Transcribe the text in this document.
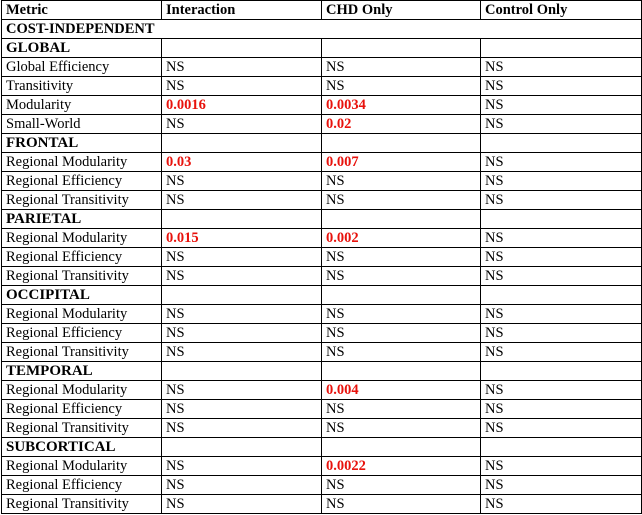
Metric	Interaction	CHD Only	Control Only
COST-INDEPENDENT			
GLOBAL			
Global Efficiency	NS	NS	NS
Transitivity	NS	NS	NS
Modularity	0.0016	0.0034	NS
Small-World	NS	0.02	NS
FRONTAL			
Regional Modularity	0.03	0.007	NS
Regional Efficiency	NS	NS	NS
Regional Transitivity	NS	NS	NS
PARIETAL			
Regional Modularity	0.015	0.002	NS
Regional Efficiency	NS	NS	NS
Regional Transitivity	NS	NS	NS
OCCIPITAL			
Regional Modularity	NS	NS	NS
Regional Efficiency	NS	NS	NS
Regional Transitivity	NS	NS	NS
TEMPORAL			
Regional Modularity	NS	0.004	NS
Regional Efficiency	NS	NS	NS
Regional Transitivity	NS	NS	NS
SUBCORTICAL			
Regional Modularity	NS	0.0022	NS
Regional Efficiency	NS	NS	NS
Regional Transitivity	NS	NS	NS
